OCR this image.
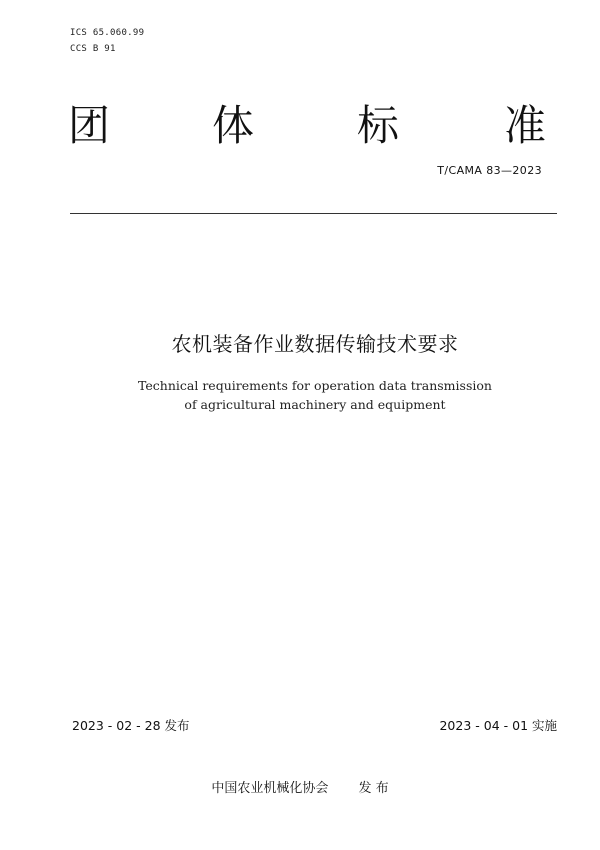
ICS 65.060.99
CCS B 91
团 体 标 准
T/CAMA 83—2023
农机装备作业数据传输技术要求
Technical requirements for operation data transmission
of agricultural machinery and equipment
2023 - 02 - 28 发布	2023 - 04 - 01 实施
中国农业机械化协会 发 布
